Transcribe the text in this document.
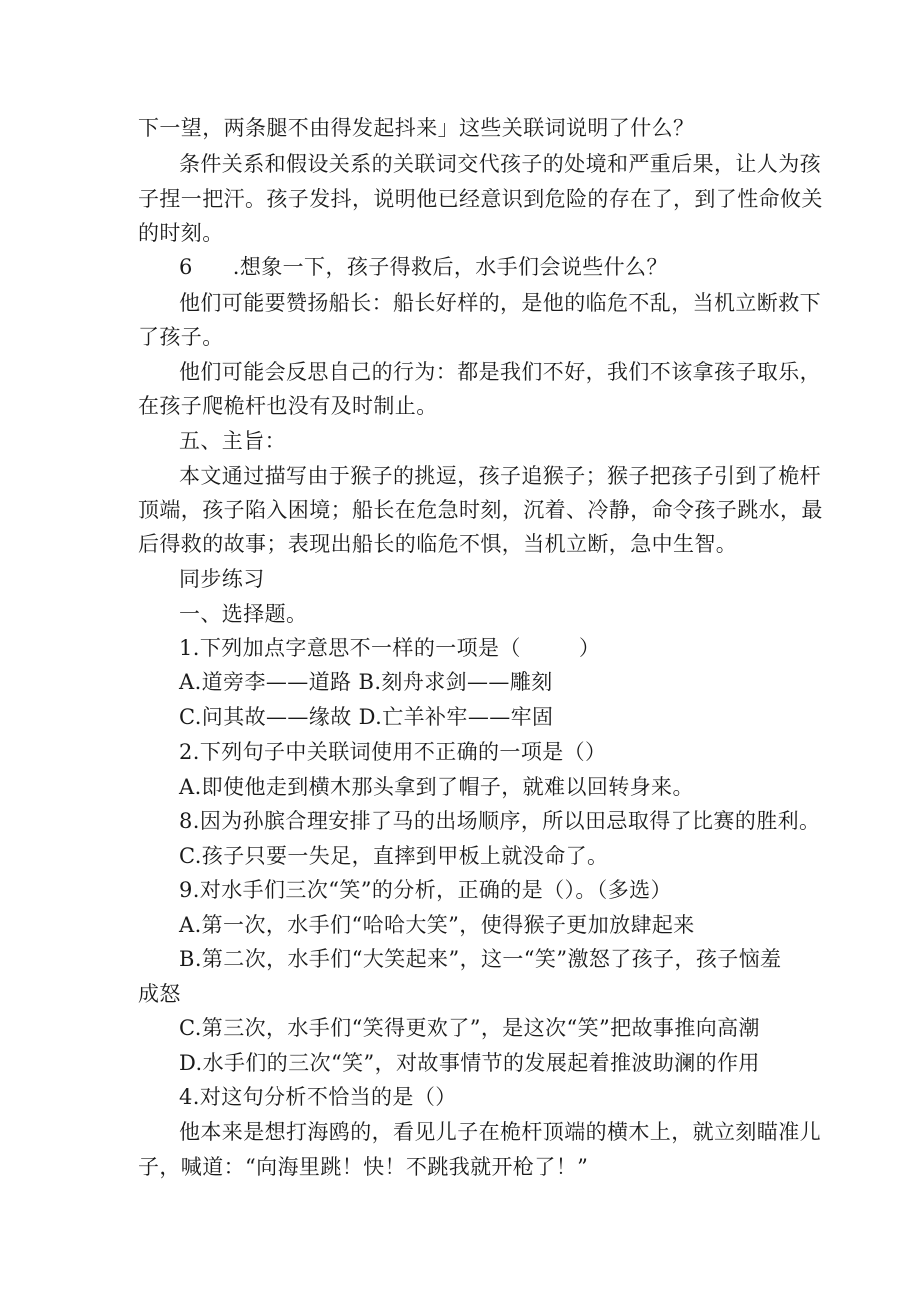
下一望，两条腿不由得发起抖来」这些关联词说明了什么？
条件关系和假设关系的关联词交代孩子的处境和严重后果，让人为孩
子捏一把汗。孩子发抖，说明他已经意识到危险的存在了，到了性命攸关
的时刻。
6 .想象一下，孩子得救后，水手们会说些什么？
他们可能要赞扬船长：船长好样的，是他的临危不乱，当机立断救下
了孩子。
他们可能会反思自己的行为：都是我们不好，我们不该拿孩子取乐，
在孩子爬桅杆也没有及时制止。
五、主旨：
本文通过描写由于猴子的挑逗，孩子追猴子；猴子把孩子引到了桅杆
顶端，孩子陷入困境；船长在危急时刻，沉着、冷静，命令孩子跳水，最
后得救的故事；表现出船长的临危不惧，当机立断，急中生智。
同步练习
一、选择题。
1.下列加点字意思不一样的一项是（	）
A.道旁李——道路 B.刻舟求剑——雕刻
C.问其故——缘故 D.亡羊补牢——牢固
2.下列句子中关联词使用不正确的一项是（）
A.即使他走到横木那头拿到了帽子，就难以回转身来。
8.因为孙膑合理安排了马的出场顺序，所以田忌取得了比赛的胜利。
C.孩子只要一失足，直摔到甲板上就没命了。
9.对水手们三次“笑”的分析，正确的是（）。（多选）
A.第一次，水手们“哈哈大笑”，使得猴子更加放肆起来
B.第二次，水手们“大笑起来”，这一“笑”激怒了孩子，孩子恼羞
成怒
C.第三次，水手们“笑得更欢了”，是这次“笑”把故事推向高潮
D.水手们的三次“笑”，对故事情节的发展起着推波助澜的作用
4.对这句分析不恰当的是（）
他本来是想打海鸥的，看见儿子在桅杆顶端的横木上，就立刻瞄准儿
子，喊道：“向海里跳！快！不跳我就开枪了！”
